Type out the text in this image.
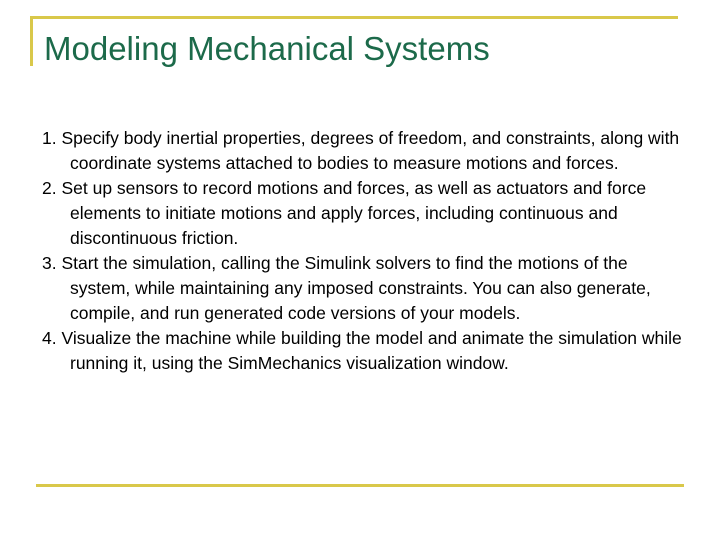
Modeling Mechanical Systems
1. Specify body inertial properties, degrees of freedom, and constraints, along with coordinate systems attached to bodies to measure motions and forces.
2. Set up sensors to record motions and forces, as well as actuators and force elements to initiate motions and apply forces, including continuous and discontinuous friction.
3. Start the simulation, calling the Simulink solvers to find the motions of the system, while maintaining any imposed constraints. You can also generate, compile, and run generated code versions of your models.
4. Visualize the machine while building the model and animate the simulation while running it, using the SimMechanics visualization window.
